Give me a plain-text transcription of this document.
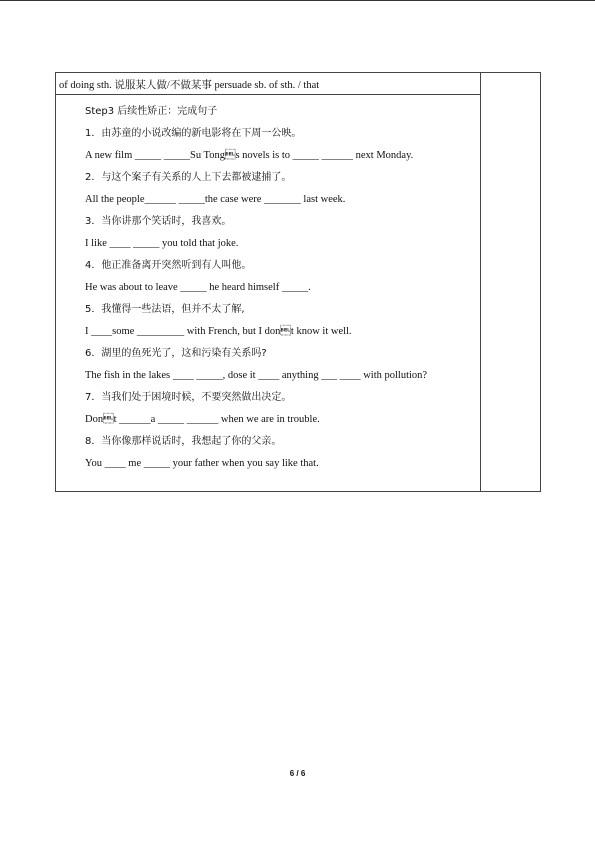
of doing sth. 说服某人做/不做某事 persuade sb. of sth. / that
Step3 后续性矫正：完成句子
1．由苏童的小说改编的新电影将在下周一公映。
A new film _____ _____Su Tongs novels is to _____ ______ next Monday.
2．与这个案子有关系的人上下去都被逮捕了。
All the people______ _____the case were _______ last week.
3．当你讲那个笑话时，我喜欢。
I like ____ _____ you told that joke.
4．他正准备离开突然听到有人叫他。
He was about to leave _____ he heard himself _____.
5．我懂得一些法语，但并不太了解,
I ____some _________ with French, but I dont know it well.
6．湖里的鱼死光了，这和污染有关系吗?
The fish in the lakes ____ _____, dose it ____ anything ___ ____ with pollution?
7．当我们处于困境时候，不要突然做出决定。
Dont ______a _____ ______ when we are in trouble.
8．当你像那样说话时，我想起了你的父亲。
You ____ me _____ your father when you say like that.
6 / 6
